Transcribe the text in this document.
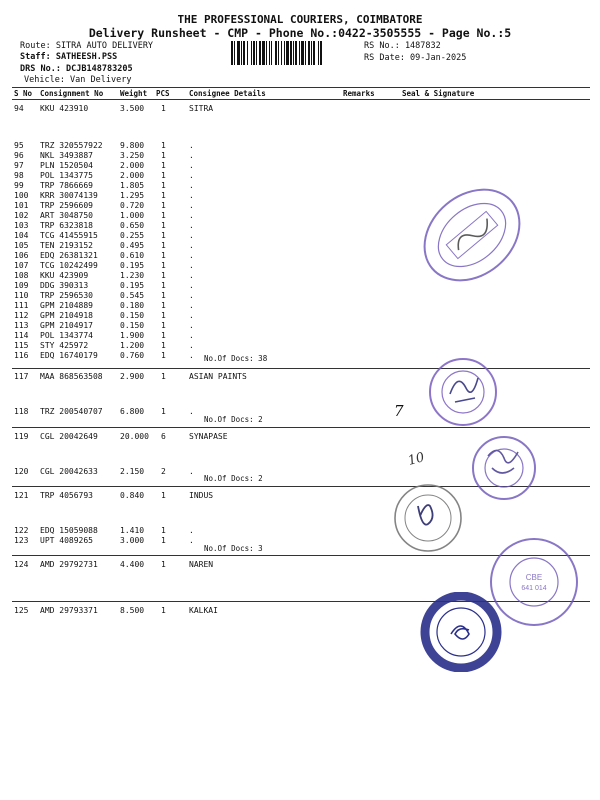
THE PROFESSIONAL COURIERS, COIMBATORE
Delivery Runsheet - CMP - Phone No.:0422-3505555 - Page No.:5
Route: SITRA AUTO DELIVERY
Staff: SATHEESH.PSS
DRS No.: DCJB148783205
Vehicle: Van Delivery
RS No.: 1487832
RS Date: 09-Jan-2025
S No Consignment No Weight PCS	Consignee Details	Remarks	Seal & Signature
94 KKU 423910	3.500 1	SITRA
95 TRZ 320557922 9.800 1	.
96 NKL 3493887	3.250 1	.
97 PLN 1520504	2.000 1	.
98 POL 1343775	2.000 1	.
99 TRP 7866669	1.805 1	.
100 KRR 30074139	1.295 1	.
101 TRP 2596609	0.720 1	.
102 ART 3048750	1.000 1	.
103 TRP 6323818	0.650 1	.
104 TCG 41455915	0.255 1	.
105 TEN 2193152	0.495 1	.
106 EDQ 26381321	0.610 1	.
107 TCG 10242499	0.195 1	.
108 KKU 423909	1.230 1	.
109 DDG 390313	0.195 1	.
110 TRP 2596530	0.545 1	.
111 GPM 2104889	0.180 1	.
112 GPM 2104918	0.150 1	.
113 GPM 2104917	0.150 1	.
114 POL 1343774	1.900 1	.
115 STY 425972	1.200 1	.
116 EDQ 16740179	0.760 1	.
117 MAA 868563508 2.900 1	ASIAN PAINTS
118 TRZ 200540707 6.800 1	.
119 CGL 20042649	20.000 6	SYNAPASE
120 CGL 20042633	2.150 2	.
121 TRP 4056793	0.840 1	INDUS
122 EDQ 15059088	1.410 1	.
123 UPT 4089265	3.000 1	.
124 AMD 29792731	4.400 1	NAREN
125 AMD 29793371	8.500 1	KALKAI
No.Of Docs: 38
No.Of Docs: 2
No.Of Docs: 2
No.Of Docs: 3
7
10
CBE
641 014
